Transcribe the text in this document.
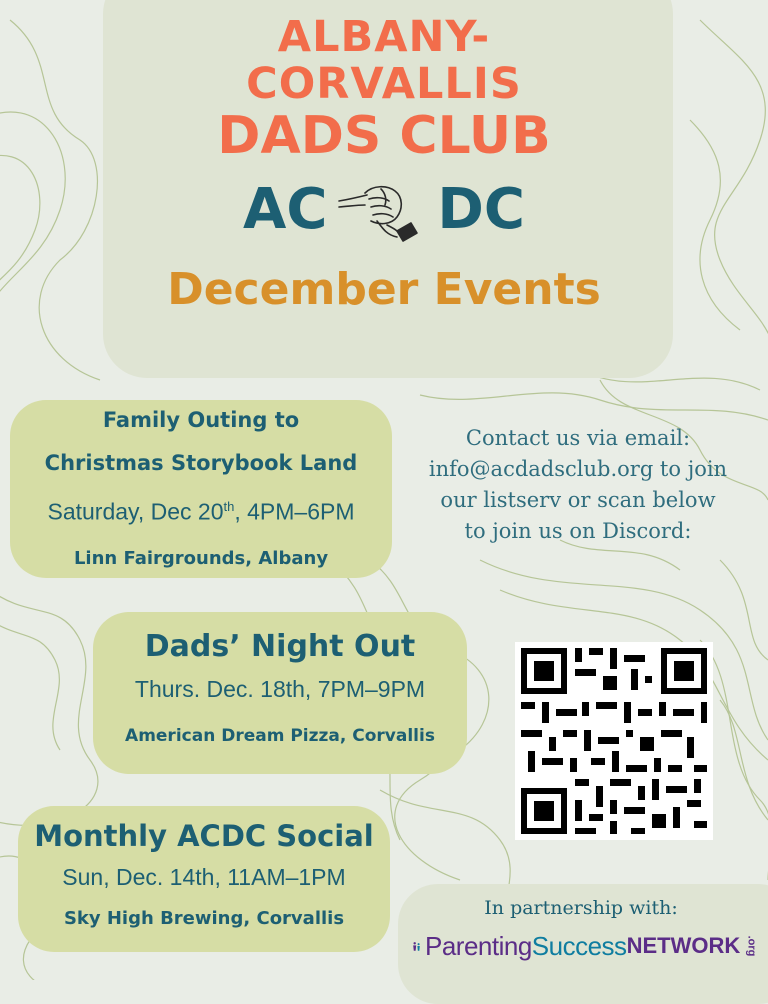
ALBANY-
CORVALLIS
DADS CLUB
AC DC
December Events
Family Outing to
Christmas Storybook Land
Saturday, Dec 20th, 4PM–6PM
Linn Fairgrounds, Albany
Dads’ Night Out
Thurs. Dec. 18th, 7PM–9PM
American Dream Pizza, Corvallis
Monthly ACDC Social
Sun, Dec. 14th, 11AM–1PM
Sky High Brewing, Corvallis
Contact us via email:
info@acdadsclub.org to join
our listserv or scan below
to join us on Discord:
In partnership with:
Parenting Success NETWORK .org
